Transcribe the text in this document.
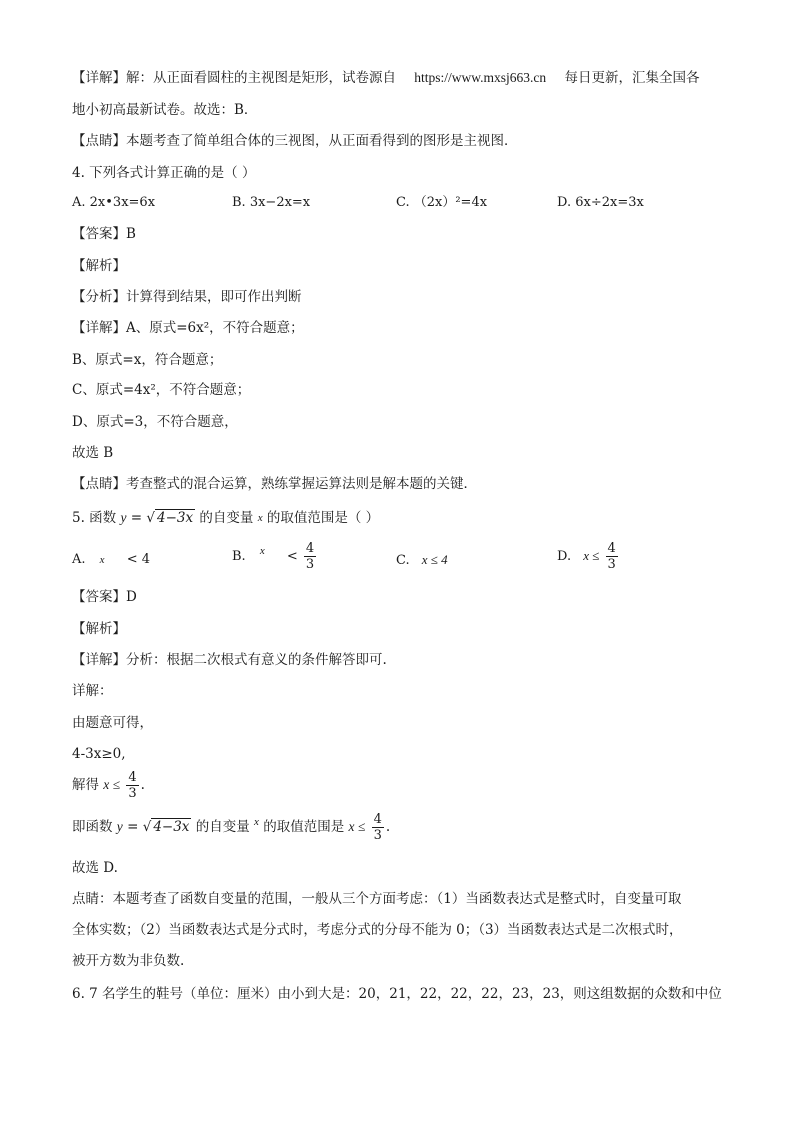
【详解】解：从正面看圆柱的主视图是矩形，试卷源自 https://www.mxsj663.cn 每日更新，汇集全国各
地小初高最新试卷。故选：B．
【点睛】本题考查了简单组合体的三视图，从正面看得到的图形是主视图．
4. 下列各式计算正确的是（ ）
A. 2x•3x=6x	B. 3x−2x=x	C. （2x）²=4x	D. 6x÷2x=3x
【答案】B
【解析】
【分析】计算得到结果，即可作出判断
【详解】A、原式=6x²，不符合题意；
B、原式=x，符合题意；
C、原式=4x²，不符合题意；
D、原式=3，不符合题意，
故选 B
【点睛】考查整式的混合运算，熟练掌握运算法则是解本题的关键．
5. 函数 y = √ 4−3x 的自变量 $^x$ 的取值范围是（ ）
A. $^x$ < 4	B. $^x < \frac{4}{3}$	C. x ≤ 4	D. $x \le \frac{4}{3}$
【答案】D
【解析】
【详解】分析：根据二次根式有意义的条件解答即可.
详解：
由题意可得，
4-3x≥0,
解得 $x \le \frac{4}{3}$ .
即函数 y = √ 4−3x 的自变量 $^x$ 的取值范围是 $x \le \frac{4}{3}$ .
故选 D.
点睛：本题考查了函数自变量的范围，一般从三个方面考虑：（1）当函数表达式是整式时，自变量可取
全体实数；（2）当函数表达式是分式时，考虑分式的分母不能为 0；（3）当函数表达式是二次根式时，
被开方数为非负数.
6. 7 名学生的鞋号（单位：厘米）由小到大是：20，21，22，22，22，23，23，则这组数据的众数和中位
